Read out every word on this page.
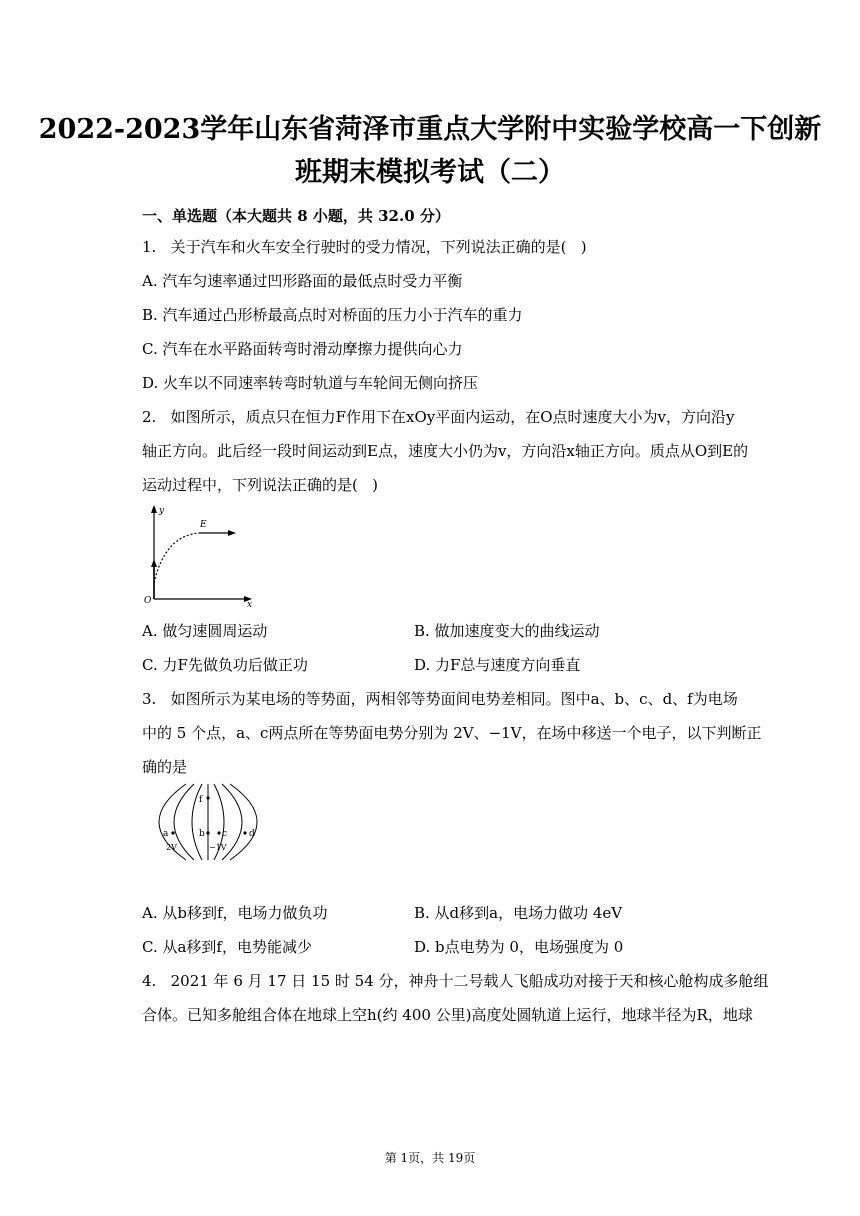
2022-2023学年山东省菏泽市重点大学附中实验学校高一下创新
班期末模拟考试（二）
一、单选题（本大题共 8 小题，共 32.0 分）
1.   关于汽车和火车安全行驶时的受力情况，下列说法正确的是(   )
A. 汽车匀速率通过凹形路面的最低点时受力平衡
B. 汽车通过凸形桥最高点时对桥面的压力小于汽车的重力
C. 汽车在水平路面转弯时滑动摩擦力提供向心力
D. 火车以不同速率转弯时轨道与车轮间无侧向挤压
2.   如图所示，质点只在恒力F作用下在xOy平面内运动，在O点时速度大小为v，方向沿y
轴正方向。此后经一段时间运动到E点，速度大小仍为v，方向沿x轴正方向。质点从O到E的
运动过程中，下列说法正确的是(   )
y
E
O	x
A. 做匀速圆周运动	B. 做加速度变大的曲线运动
C. 力F先做负功后做正功	D. 力F总与速度方向垂直
3.   如图所示为某电场的等势面，两相邻等势面间电势差相同。图中a、b、c、d、f为电场
中的 5 个点，a、c两点所在等势面电势分别为 2V、−1V，在场中移送一个电子，以下判断正
确的是
f
a	b c d
2V	−1V
A. 从b移到f，电场力做负功	B. 从d移到a，电场力做功 4eV
C. 从a移到f，电势能减少	D. b点电势为 0，电场强度为 0
4.   2021 年 6 月 17 日 15 时 54 分，神舟十二号载人飞船成功对接于天和核心舱构成多舱组
合体。已知多舱组合体在地球上空h(约 400 公里)高度处圆轨道上运行，地球半径为R，地球
第 1页，共 19页
